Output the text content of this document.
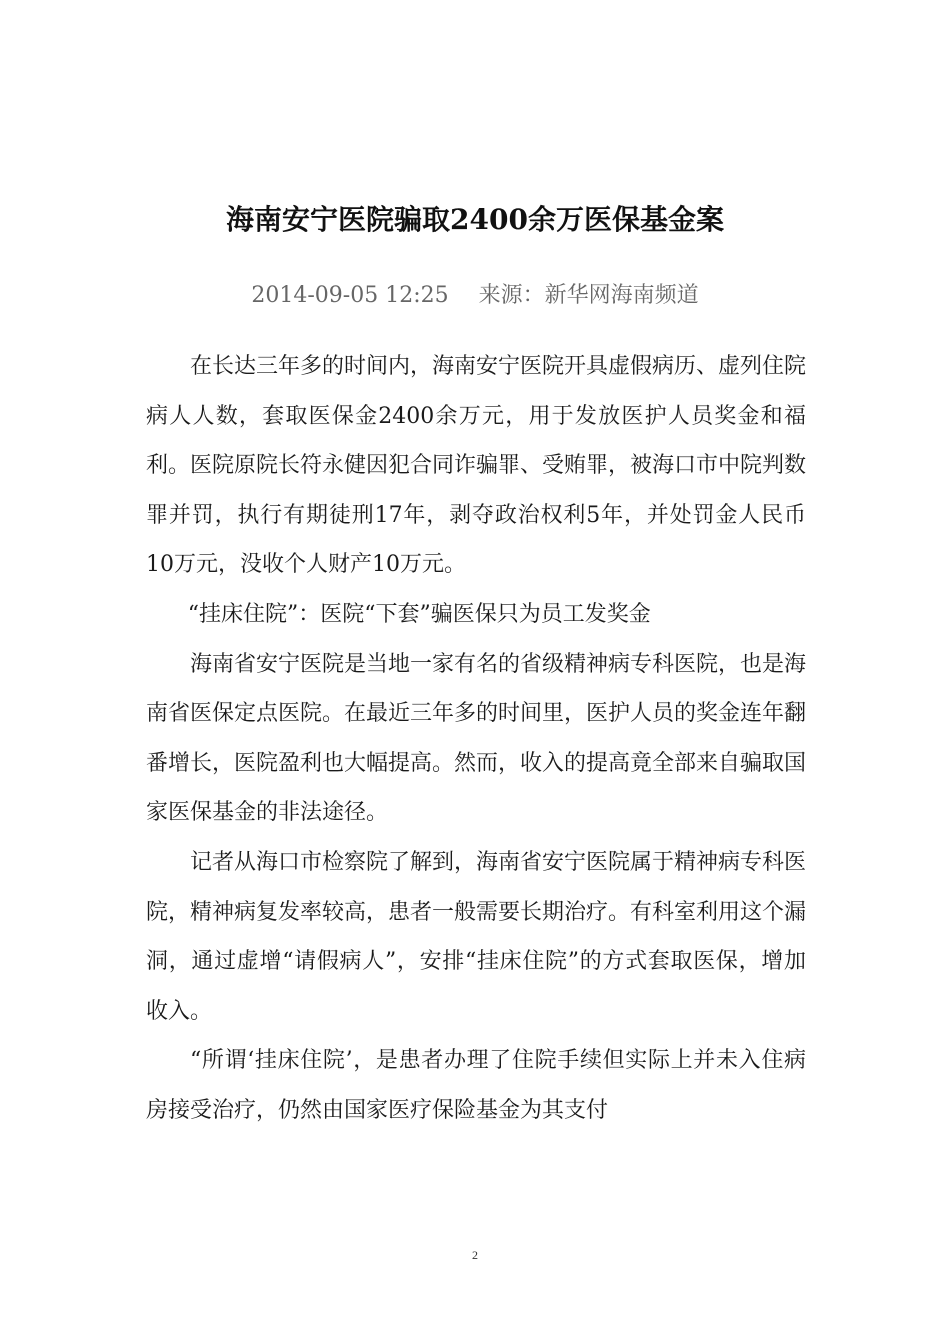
海南安宁医院骗取2400余万医保基金案
2014-09-05 12:25 来源：新华网海南频道

在长达三年多的时间内，海南安宁医院开具虚假病历、虚列住院病人人数，套取医保金2400余万元，用于发放医护人员奖金和福利。医院原院长符永健因犯合同诈骗罪、受贿罪，被海口市中院判数罪并罚，执行有期徒刑17年，剥夺政治权利5年，并处罚金人民币10万元，没收个人财产10万元。

“挂床住院”：医院“下套”骗医保只为员工发奖金

海南省安宁医院是当地一家有名的省级精神病专科医院，也是海南省医保定点医院。在最近三年多的时间里，医护人员的奖金连年翻番增长，医院盈利也大幅提高。然而，收入的提高竟全部来自骗取国家医保基金的非法途径。

记者从海口市检察院了解到，海南省安宁医院属于精神病专科医院，精神病复发率较高，患者一般需要长期治疗。有科室利用这个漏洞，通过虚增“请假病人”，安排“挂床住院”的方式套取医保，增加收入。

“所谓‘挂床住院’，是患者办理了住院手续但实际上并未入住病房接受治疗，仍然由国家医疗保险基金为其支付

2
